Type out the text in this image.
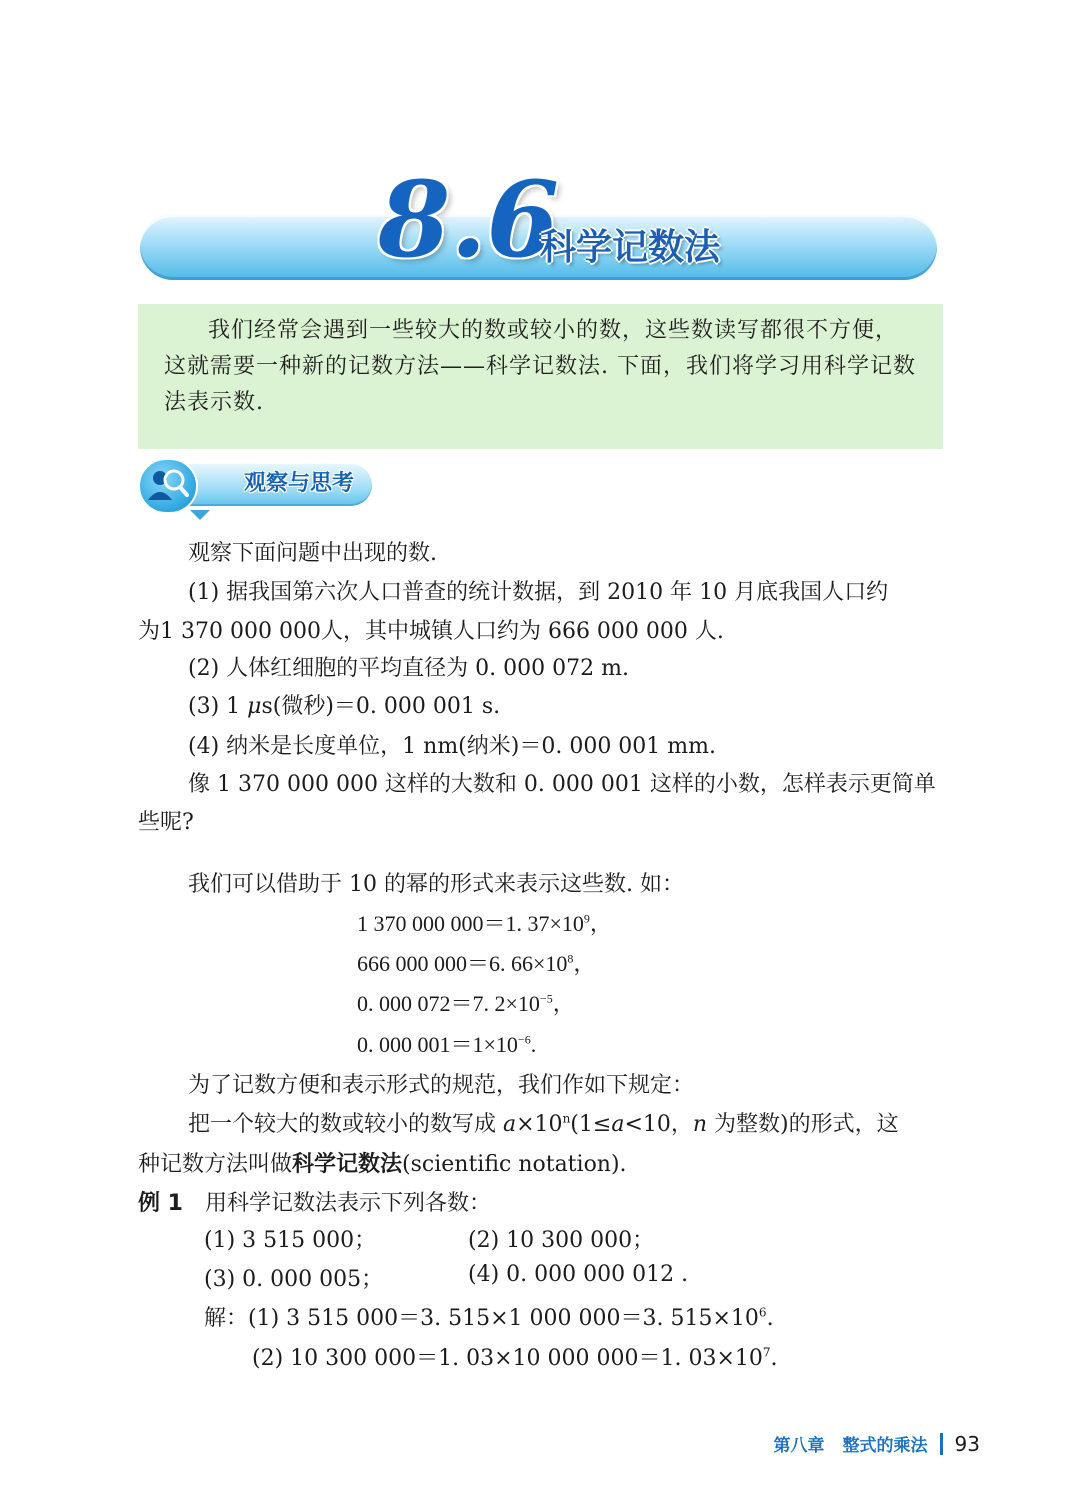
8.6
科学记数法

我们经常会遇到一些较大的数或较小的数，这些数读写都很不方便，这就需要一种新的记数方法——科学记数法. 下面，我们将学习用科学记数法表示数.

观察与思考
观察下面问题中出现的数.
(1) 据我国第六次人口普查的统计数据，到 2010 年 10 月底我国人口约
为1 370 000 000人，其中城镇人口约为 666 000 000 人.
(2) 人体红细胞的平均直径为 0. 000 072 m.
(3) 1 μs(微秒)＝0. 000 001 s.
(4) 纳米是长度单位，1 nm(纳米)＝0. 000 001 mm.
像 1 370 000 000 这样的大数和 0. 000 001 这样的小数，怎样表示更简单
些呢?
我们可以借助于 10 的幂的形式来表示这些数. 如：
1 370 000 000＝1. $37\times 10^9$，
666 000 000＝6. $66\times 10^8$，
0. 000 072＝7. $2\times 10^{-5}$，
0. 000 $001=1\times 10^{-6}$.
为了记数方便和表示形式的规范，我们作如下规定：
把一个较大的数或较小的数写成 $a\times 10^n(1\le a<10$，n 为整数)的形式，这
种记数方法叫做科学记数法(scientific notation).
例 1 用科学记数法表示下列各数：
(1) 3 515 000；	(2) 10 300 000；
(3) 0. 000 005；	(4) 0. 000 000 012 .
解：(1) 3 515 000＝3. 515×1 000 000＝3. $515\times 10^6$.
(2) 10 300 000＝1. 03×10 000 000＝1. $03\times 10^7$.
第八章 整式的乘法 93
